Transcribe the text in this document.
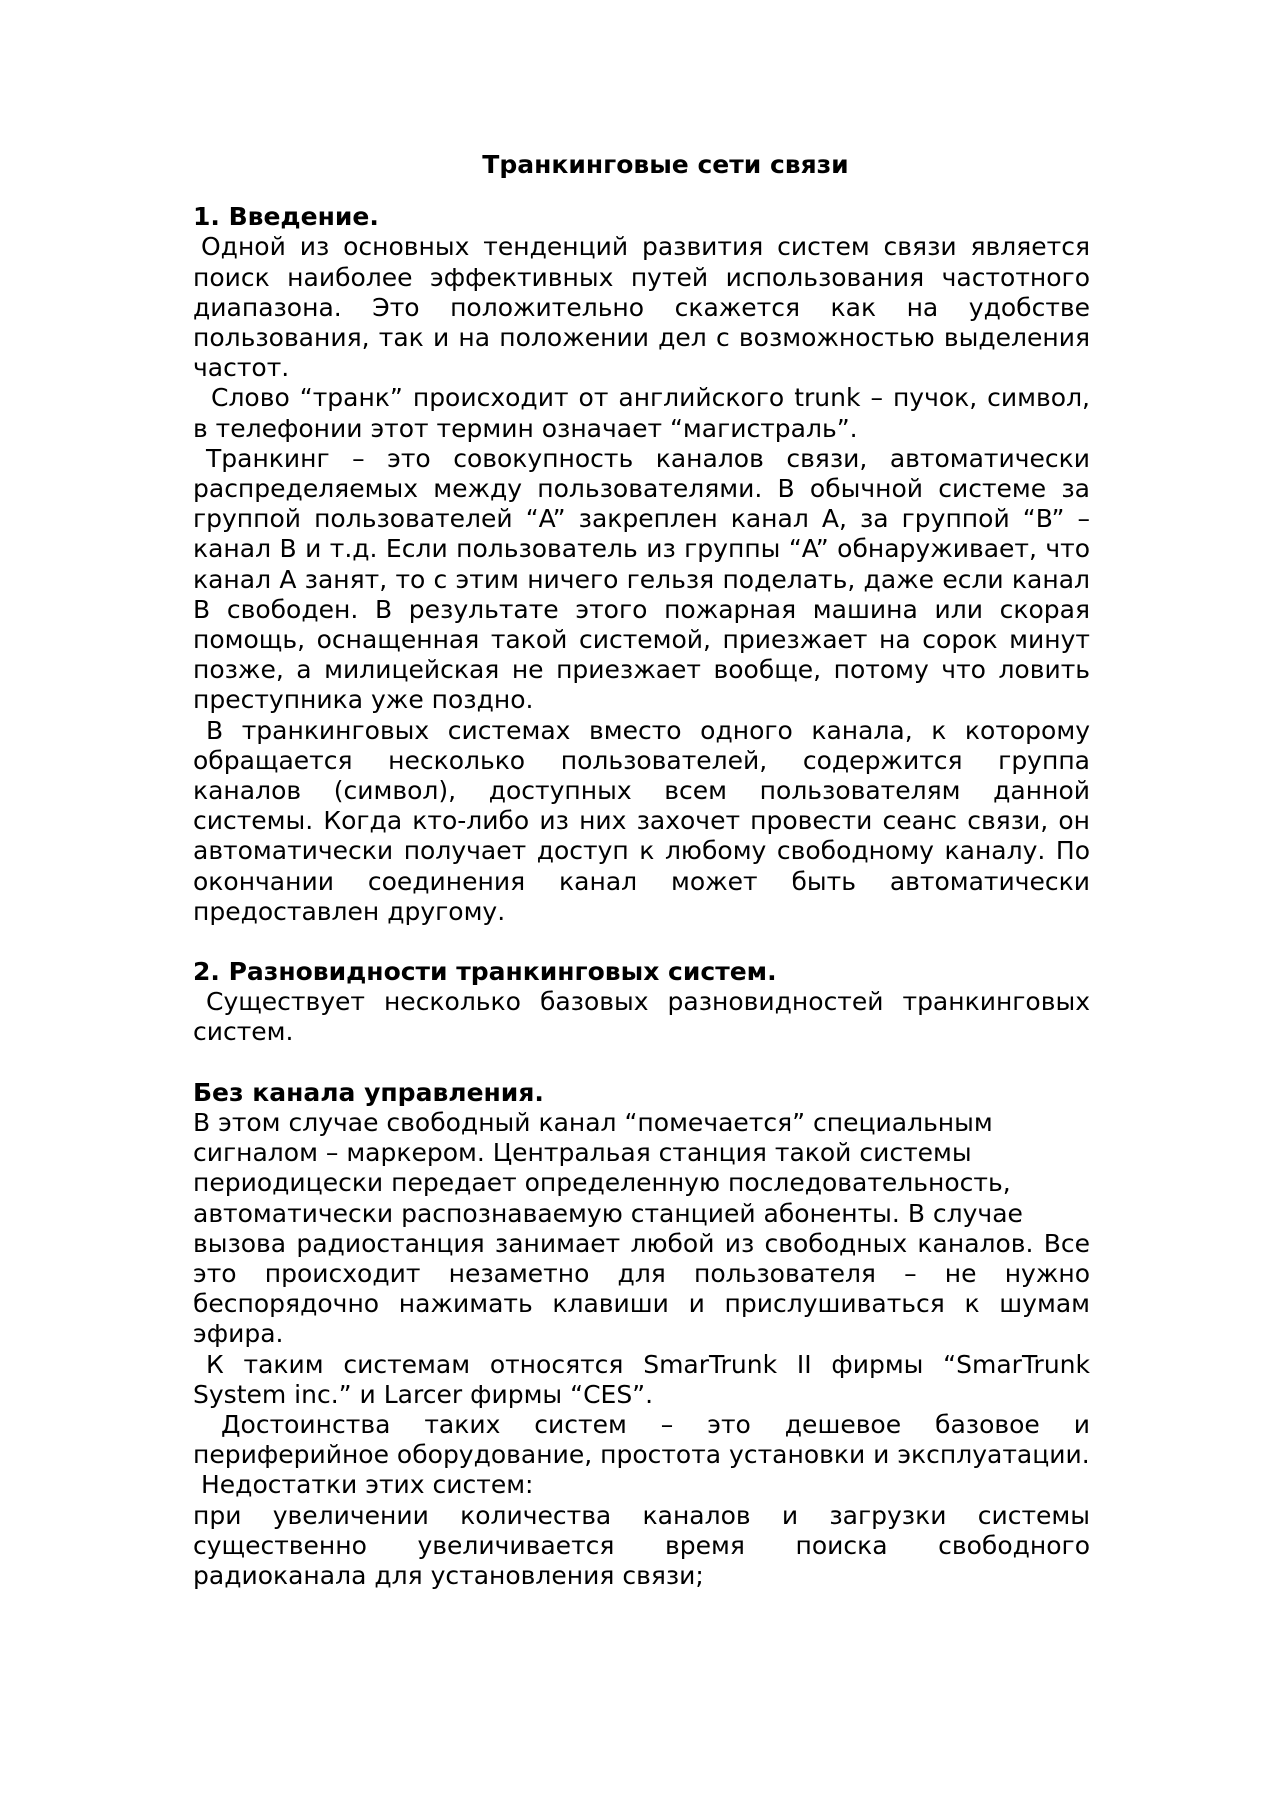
Транкинговые сети связи

1. Введение.

Одной из основных тенденций развития систем связи является поиск наиболее эффективных путей использования частотного диапазона. Это положительно скажется как на удобстве пользования, так и на положении дел с возможностью выделения частот.

Слово “транк” происходит от английского trunk – пучок, символ, в телефонии этот термин означает “магистраль”.

Транкинг – это совокупность каналов связи, автоматически распределяемых между пользователями. В обычной системе за группой пользователей “A” закреплен канал A, за группой “B” – канал B и т.д. Если пользователь из группы “A” обнаруживает, что канал A занят, то с этим ничего гельзя поделать, даже если канал B свободен. В результате этого пожарная машина или скорая помощь, оснащенная такой системой, приезжает на сорок минут позже, а милицейская не приезжает вообще, потому что ловить преступника уже поздно.

В транкинговых системах вместо одного канала, к которому обращается несколько пользователей, содержится группа каналов (символ), доступных всем пользователям данной системы. Когда кто-либо из них захочет провести сеанс связи, он автоматически получает доступ к любому свободному каналу. По окончании соединения канал может быть автоматически предоставлен другому.

2. Разновидности транкинговых систем.

Существует несколько базовых разновидностей транкинговых систем.

Без канала управления.

В этом случае свободный канал “помечается” специальным сигналом – маркером. Центральая станция такой системы периодицески передает определенную последовательность, автоматически распознаваемую станцией абоненты. В случае

вызова радиостанция занимает любой из свободных каналов. Все это происходит незаметно для пользователя – не нужно беспорядочно нажимать клавиши и прислушиваться к шумам эфира.

К таким системам относятся SmarTrunk II фирмы “SmarTrunk System inc.” и Larcer фирмы “CES”.

Достоинства таких систем – это дешевое базовое и периферийное оборудование, простота установки и эксплуатации.

Недостатки этих систем:

при увеличении количества каналов и загрузки системы существенно увеличивается время поиска свободного радиоканала для установления связи;
